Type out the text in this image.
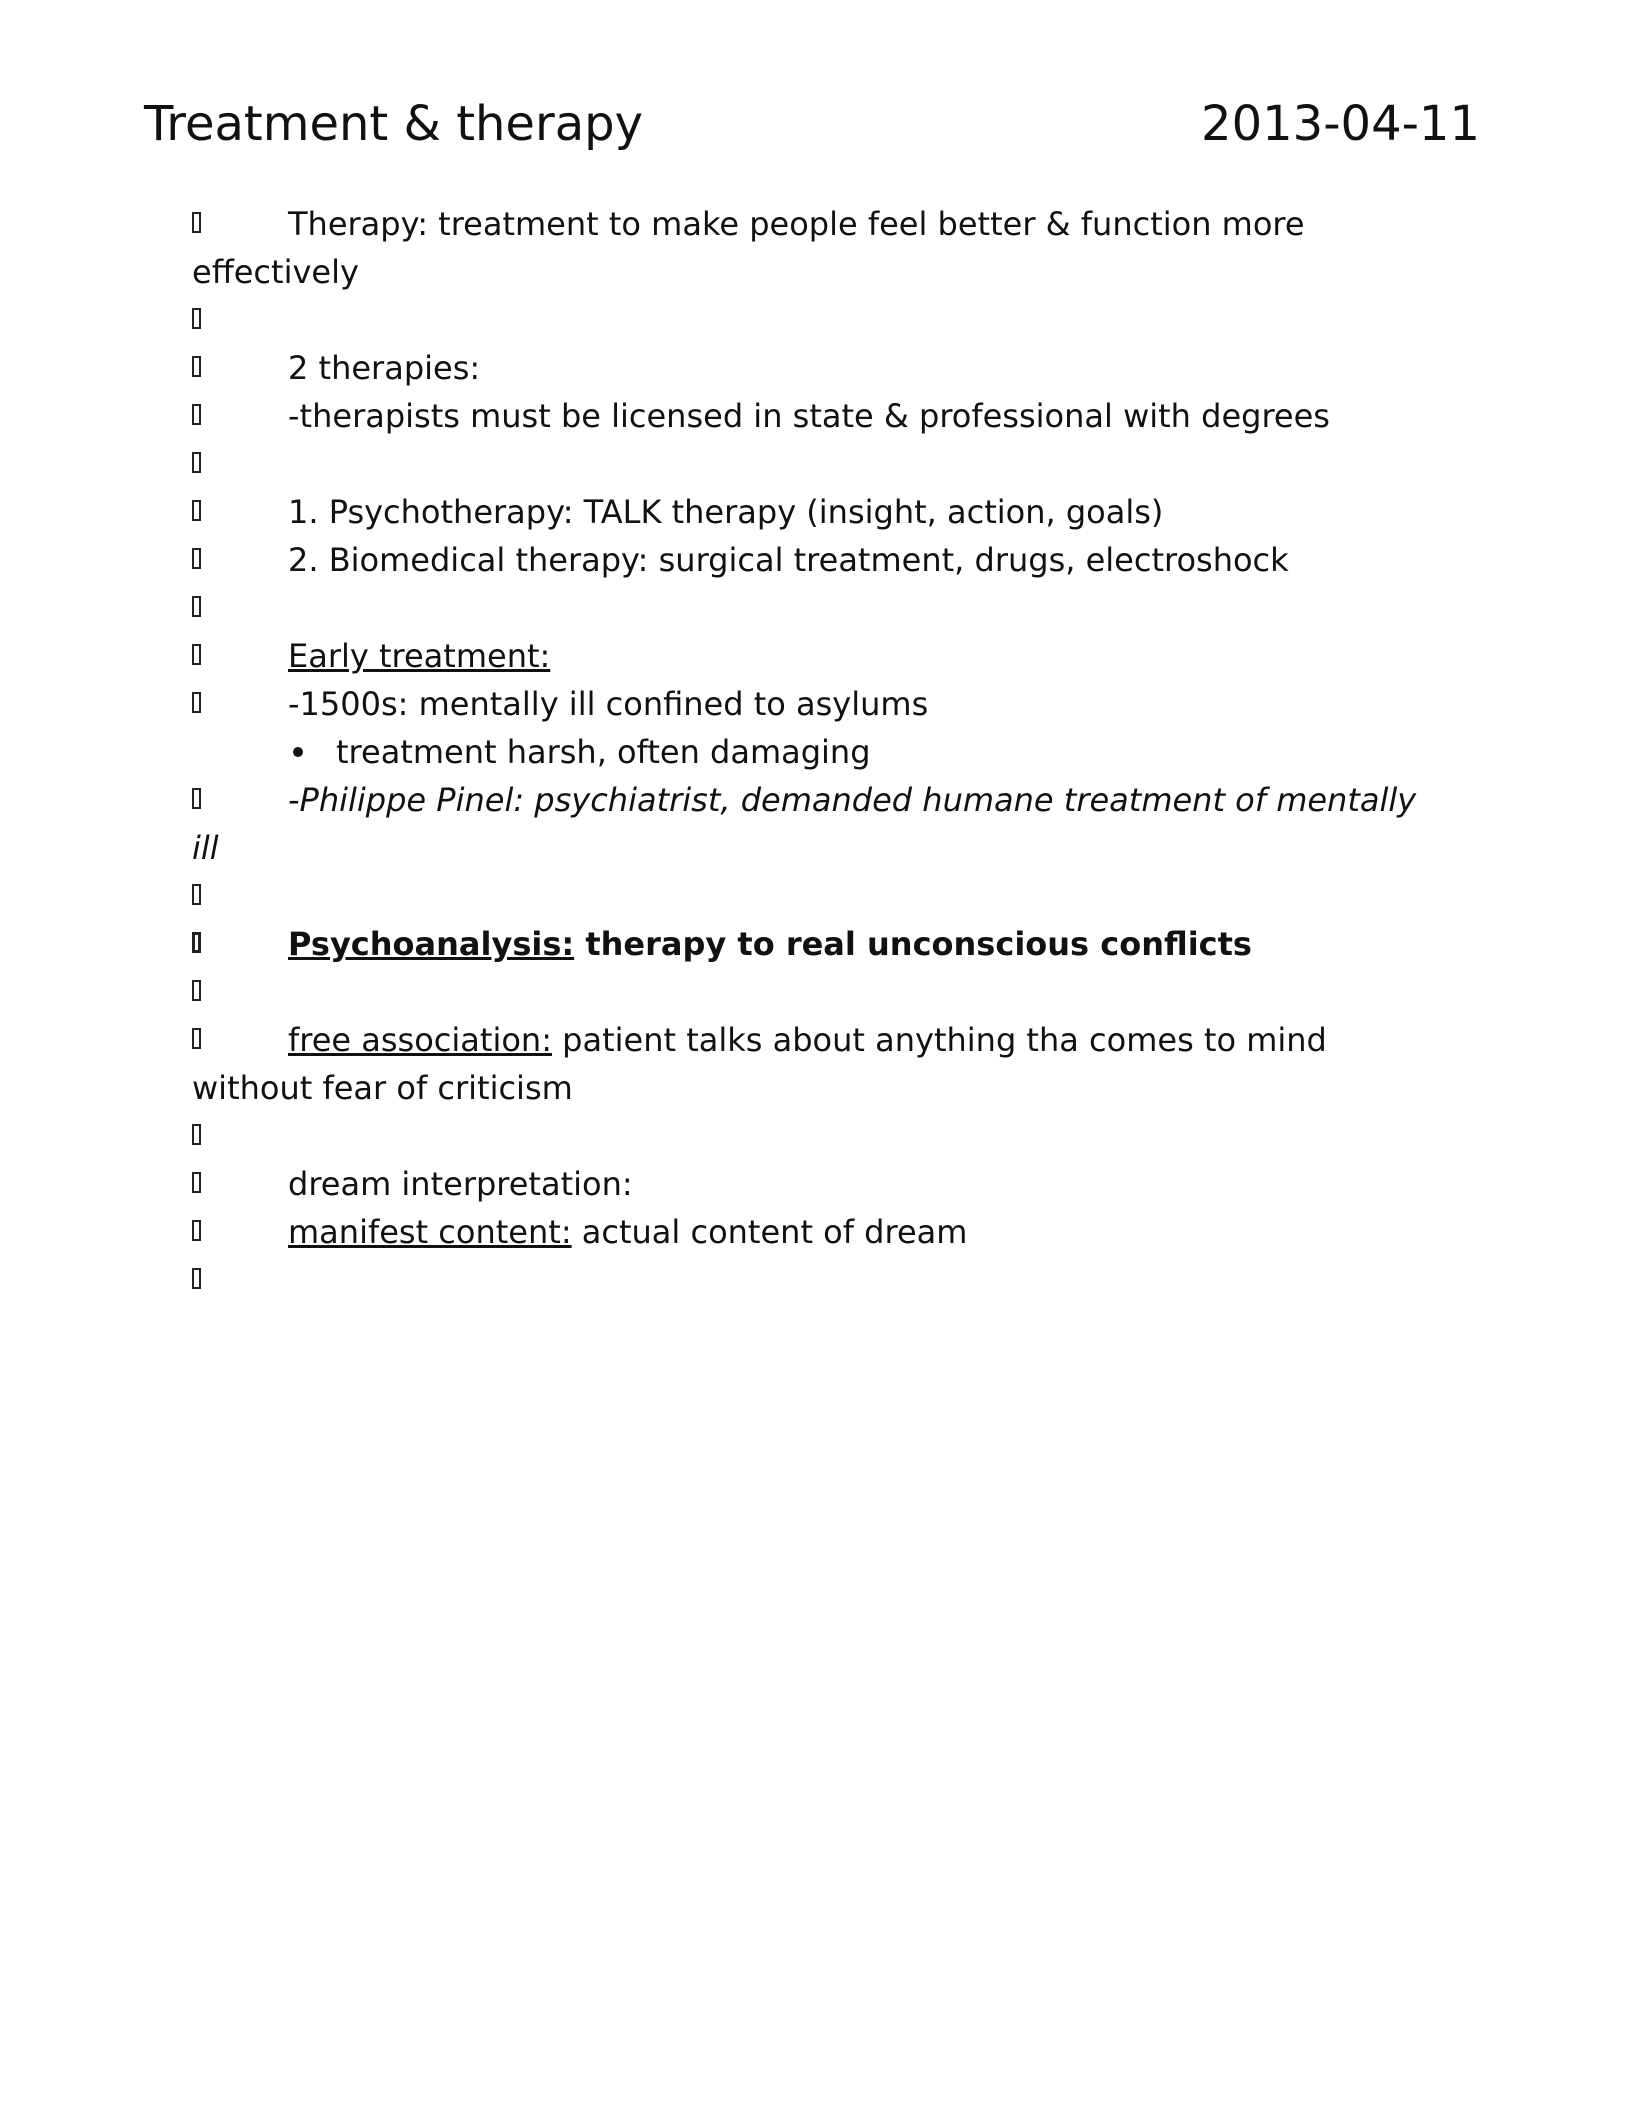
Treatment & therapy	2013-04-11
Therapy: treatment to make people feel better & function more
effectively
2 therapies:
-therapists must be licensed in state & professional with degrees
1. Psychotherapy: TALK therapy (insight, action, goals)
2. Biomedical therapy: surgical treatment, drugs, electroshock
Early treatment:
-1500s: mentally ill confined to asylums
treatment harsh, often damaging
-Philippe Pinel: psychiatrist, demanded humane treatment of mentally
ill
Psychoanalysis: therapy to real unconscious conflicts
free association: patient talks about anything tha comes to mind
without fear of criticism
dream interpretation:
manifest content: actual content of dream
